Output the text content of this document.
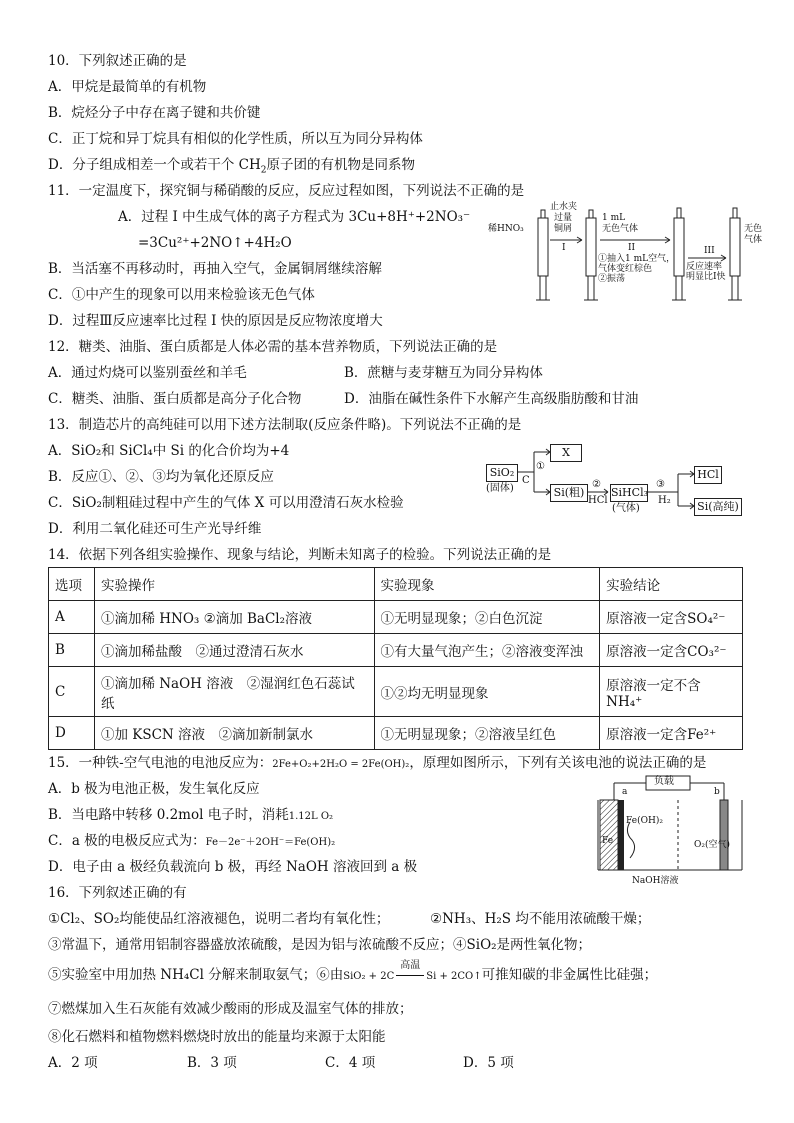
10．下列叙述正确的是
A．甲烷是最简单的有机物
B．烷烃分子中存在离子键和共价键
C．正丁烷和异丁烷具有相似的化学性质，所以互为同分异构体
D．分子组成相差一个或若干个 $CH_2$原子团的有机物是同系物
11．一定温度下，探究铜与稀硝酸的反应，反应过程如图，下列说法不正确的是
A．过程 I 中生成气体的离子方程式为 3Cu+8H⁺+2NO₃⁻
=3Cu²⁺+2NO↑+4H₂O
B．当活塞不再移动时，再抽入空气，金属铜屑继续溶解
C．①中产生的现象可以用来检验该无色气体
D．过程Ⅲ反应速率比过程 I 快的原因是反应物浓度增大
稀HNO₃
止水夹
过量
铜屑
I
1 mL
无色气体
II
①抽入1 mL空气，
气体变红棕色
②振荡
III
反应速率
明显比I快
无色
气体
12．糖类、油脂、蛋白质都是人体必需的基本营养物质，下列说法正确的是
A．通过灼烧可以鉴别蚕丝和羊毛	B．蔗糖与麦芽糖互为同分异构体
C．糖类、油脂、蛋白质都是高分子化合物	D．油脂在碱性条件下水解产生高级脂肪酸和甘油
13．制造芯片的高纯硅可以用下述方法制取(反应条件略)。下列说法不正确的是
A．SiO₂和 SiCl₄中 Si 的化合价均为+4
B．反应①、②、③均为氧化还原反应
C．SiO₂制粗硅过程中产生的气体 X 可以用澄清石灰水检验
D．利用二氧化硅还可生产光导纤维
SiO₂
(固体)
X
C
①
Si(粗)
HCl
②
SiHCl₃
(气体)
③
H₂
HCl
Si(高纯)
14．依据下列各组实验操作、现象与结论，判断未知离子的检验。下列说法正确的是
选项	实验操作	实验现象	实验结论
A	①滴加稀 HNO₃ ②滴加 BaCl₂溶液	①无明显现象；②白色沉淀	原溶液一定含SO₄²⁻
B	①滴加稀盐酸　②通过澄清石灰水	①有大量气泡产生；②溶液变浑浊	原溶液一定含CO₃²⁻
C	①滴加稀 NaOH 溶液　②湿润红色石蕊试纸	①②均无明显现象	原溶液一定不含NH₄⁺
D	①加 KSCN 溶液　②滴加新制氯水	①无明显现象；②溶液呈红色	原溶液一定含Fe²⁺
15．一种铁-空气电池的电池反应为：2Fe+O₂+2H₂O = 2Fe(OH)₂，原理如图所示，下列有关该电池的说法正确的是
A．b 极为电池正极，发生氧化反应
B．当电路中转移 0.2mol 电子时，消耗1.12L O₂
C．a 极的电极反应式为：Fe－2e⁻＋2OH⁻＝Fe(OH)₂
D．电子由 a 极经负载流向 b 极，再经 NaOH 溶液回到 a 极
负载
a	b
Fe(OH)₂
Fe	O₂(空气)
NaOH溶液
16．下列叙述正确的有
①Cl₂、SO₂均能使品红溶液褪色，说明二者均有氧化性；	②NH₃、H₂S 均不能用浓硫酸干燥；
③常温下，通常用铝制容器盛放浓硫酸，是因为铝与浓硫酸不反应；④SiO₂是两性氧化物；
⑤实验室中用加热 NH₄Cl 分解来制取氨气；⑥由SiO₂ + 2C
高温
Si + 2CO↑可推知碳的非金属性比硅强；
⑦燃煤加入生石灰能有效减少酸雨的形成及温室气体的排放；
⑧化石燃料和植物燃料燃烧时放出的能量均来源于太阳能
A．2 项	B．3 项	C．4 项	D．5 项
